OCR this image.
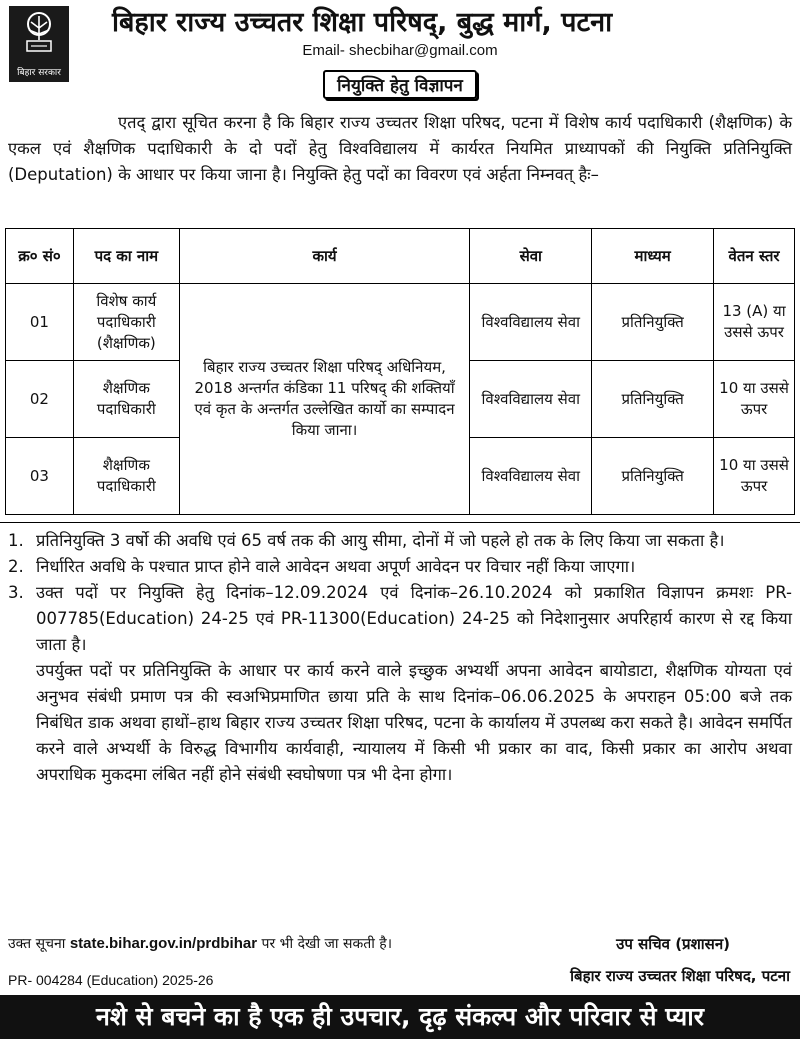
बिहार सरकार
बिहार राज्य उच्चतर शिक्षा परिषद्, बुद्ध मार्ग, पटना
Email- shecbihar@gmail.com
नियुक्ति हेतु विज्ञापन
एतद् द्वारा सूचित करना है कि बिहार राज्य उच्चतर शिक्षा परिषद, पटना में विशेष कार्य पदाधिकारी (शैक्षणिक) के एकल एवं शैक्षणिक पदाधिकारी के दो पदों हेतु विश्वविद्यालय में कार्यरत नियमित प्राध्यापकों की नियुक्ति प्रतिनियुक्ति (Deputation) के आधार पर किया जाना है। नियुक्ति हेतु पदों का विवरण एवं अर्हता निम्नवत् हैः–
क्र० सं०	पद का नाम	कार्य	सेवा	माध्यम	वेतन स्तर
01	विशेष कार्य पदाधिकारी (शैक्षणिक)	बिहार राज्य उच्चतर शिक्षा परिषद् अधिनियम, 2018 अन्तर्गत कंडिका 11 परिषद् की शक्तियाँ एवं कृत के अन्तर्गत उल्लेखित कार्यो का सम्पादन किया जाना।	विश्वविद्यालय सेवा	प्रतिनियुक्ति	13 (A) या उससे ऊपर
02	शैक्षणिक पदाधिकारी		विश्वविद्यालय सेवा	प्रतिनियुक्ति	10 या उससे ऊपर
03	शैक्षणिक पदाधिकारी		विश्वविद्यालय सेवा	प्रतिनियुक्ति	10 या उससे ऊपर
1. प्रतिनियुक्ति 3 वर्षो की अवधि एवं 65 वर्ष तक की आयु सीमा, दोनों में जो पहले हो तक के लिए किया जा सकता है।
2. निर्धारित अवधि के पश्चात प्राप्त होने वाले आवेदन अथवा अपूर्ण आवेदन पर विचार नहीं किया जाएगा।
3. उक्त पदों पर नियुक्ति हेतु दिनांक–12.09.2024 एवं दिनांक–26.10.2024 को प्रकाशित विज्ञापन क्रमशः PR-007785(Education) 24-25 एवं PR-11300(Education) 24-25 को निदेशानुसार अपरिहार्य कारण से रद्द किया जाता है।
उपर्युक्त पदों पर प्रतिनियुक्ति के आधार पर कार्य करने वाले इच्छुक अभ्यर्थी अपना आवेदन बायोडाटा, शैक्षणिक योग्यता एवं अनुभव संबंधी प्रमाण पत्र की स्वअभिप्रमाणित छाया प्रति के साथ दिनांक–06.06.2025 के अपराहन 05:00 बजे तक निबंधित डाक अथवा हाथों–हाथ बिहार राज्य उच्चतर शिक्षा परिषद, पटना के कार्यालय में उपलब्ध करा सकते है। आवेदन समर्पित करने वाले अभ्यर्थी के विरुद्ध विभागीय कार्यवाही, न्यायालय में किसी भी प्रकार का वाद, किसी प्रकार का आरोप अथवा अपराधिक मुकदमा लंबित नहीं होने संबंधी स्वघोषणा पत्र भी देना होगा।
उक्त सूचना state.bihar.gov.in/prdbihar पर भी देखी जा सकती है।	उप सचिव (प्रशासन)
PR- 004284 (Education) 2025-26	बिहार राज्य उच्चतर शिक्षा परिषद, पटना
नशे से बचने का है एक ही उपचार, दृढ़ संकल्प और परिवार से प्यार
